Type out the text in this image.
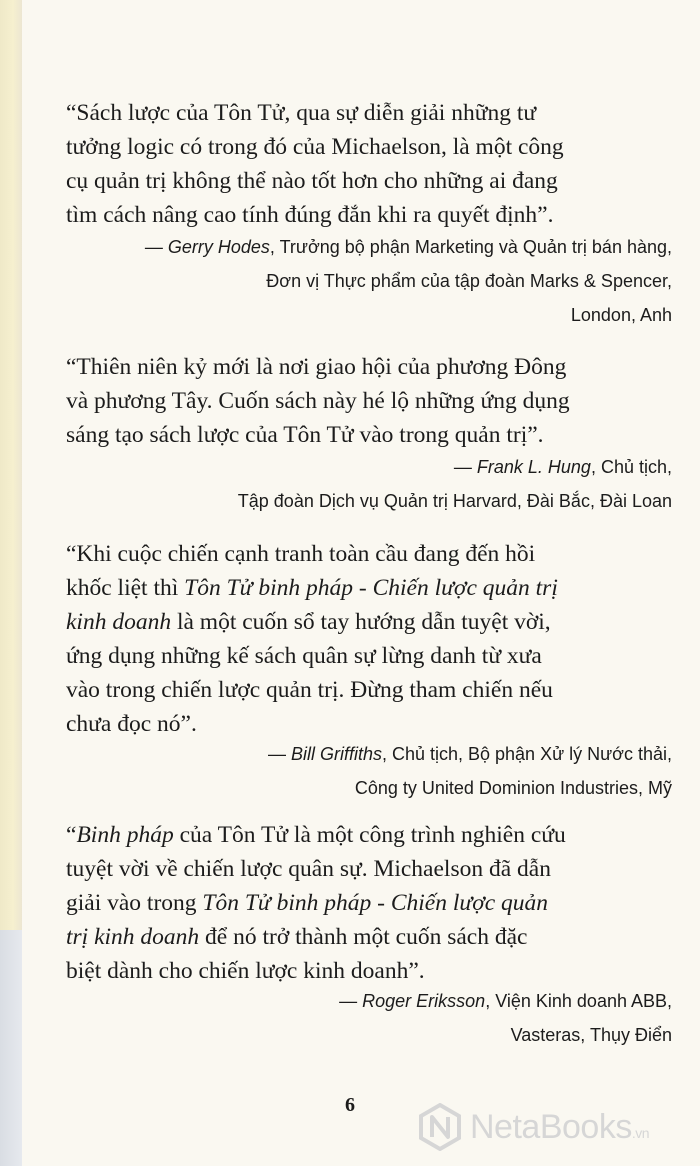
“Sách lược của Tôn Tử, qua sự diễn giải những tư
tưởng logic có trong đó của Michaelson, là một công
cụ quản trị không thể nào tốt hơn cho những ai đang
tìm cách nâng cao tính đúng đắn khi ra quyết định”.
— Gerry Hodes, Trưởng bộ phận Marketing và Quản trị bán hàng,
Đơn vị Thực phẩm của tập đoàn Marks & Spencer,
London, Anh
“Thiên niên kỷ mới là nơi giao hội của phương Đông
và phương Tây. Cuốn sách này hé lộ những ứng dụng
sáng tạo sách lược của Tôn Tử vào trong quản trị”.
— Frank L. Hung, Chủ tịch,
Tập đoàn Dịch vụ Quản trị Harvard, Đài Bắc, Đài Loan
“Khi cuộc chiến cạnh tranh toàn cầu đang đến hồi
khốc liệt thì Tôn Tử binh pháp - Chiến lược quản trị
kinh doanh là một cuốn sổ tay hướng dẫn tuyệt vời,
ứng dụng những kế sách quân sự lừng danh từ xưa
vào trong chiến lược quản trị. Đừng tham chiến nếu
chưa đọc nó”.
— Bill Griffiths, Chủ tịch, Bộ phận Xử lý Nước thải,
Công ty United Dominion Industries, Mỹ
“Binh pháp của Tôn Tử là một công trình nghiên cứu
tuyệt vời về chiến lược quân sự. Michaelson đã dẫn
giải vào trong Tôn Tử binh pháp - Chiến lược quản
trị kinh doanh để nó trở thành một cuốn sách đặc
biệt dành cho chiến lược kinh doanh”.
— Roger Eriksson, Viện Kinh doanh ABB,
Vasteras, Thụy Điển
6
NetaBooks.vn
